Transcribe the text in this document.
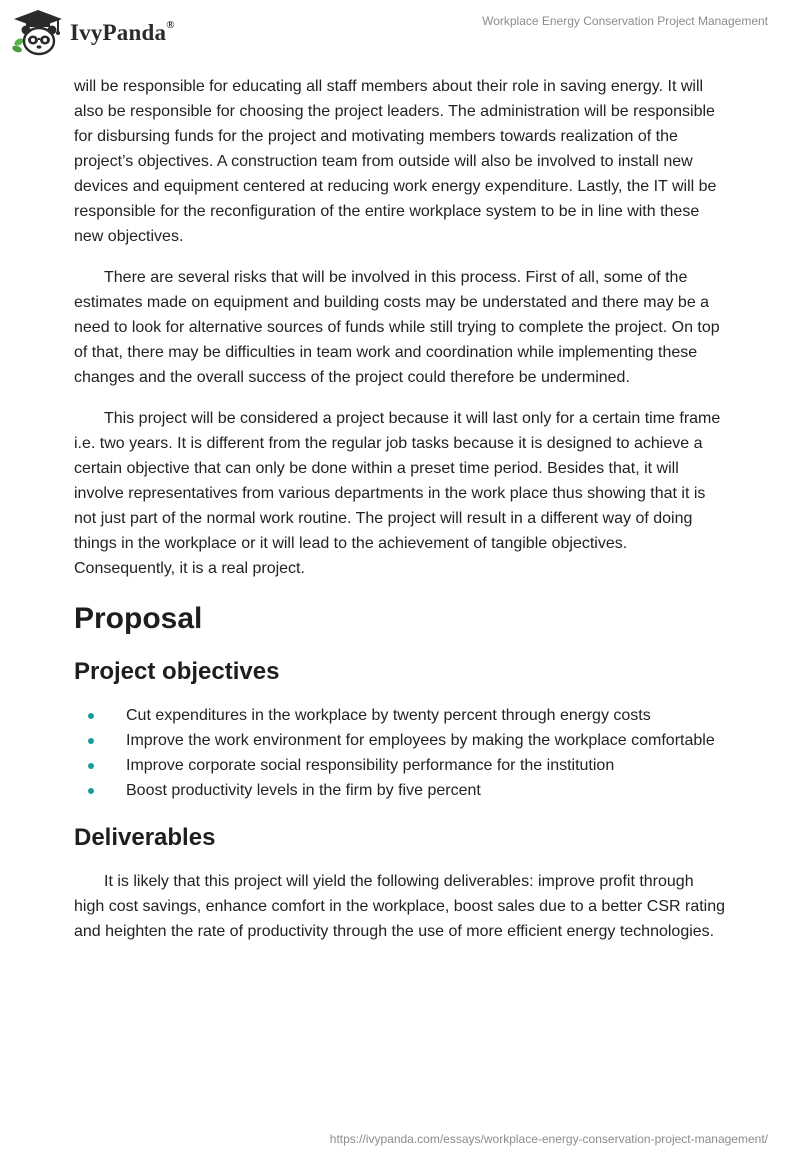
IvyPanda®	Workplace Energy Conservation Project Management

will be responsible for educating all staff members about their role in saving energy. It will also be responsible for choosing the project leaders. The administration will be responsible for disbursing funds for the project and motivating members towards realization of the project’s objectives. A construction team from outside will also be involved to install new devices and equipment centered at reducing work energy expenditure. Lastly, the IT will be responsible for the reconfiguration of the entire workplace system to be in line with these new objectives.

There are several risks that will be involved in this process. First of all, some of the estimates made on equipment and building costs may be understated and there may be a need to look for alternative sources of funds while still trying to complete the project. On top of that, there may be difficulties in team work and coordination while implementing these changes and the overall success of the project could therefore be undermined.

This project will be considered a project because it will last only for a certain time frame i.e. two years. It is different from the regular job tasks because it is designed to achieve a certain objective that can only be done within a preset time period. Besides that, it will involve representatives from various departments in the work place thus showing that it is not just part of the normal work routine. The project will result in a different way of doing things in the workplace or it will lead to the achievement of tangible objectives. Consequently, it is a real project.

Proposal
Project objectives
Cut expenditures in the workplace by twenty percent through energy costs
Improve the work environment for employees by making the workplace comfortable
Improve corporate social responsibility performance for the institution
Boost productivity levels in the firm by five percent
Deliverables

It is likely that this project will yield the following deliverables: improve profit through high cost savings, enhance comfort in the workplace, boost sales due to a better CSR rating and heighten the rate of productivity through the use of more efficient energy technologies.

https://ivypanda.com/essays/workplace-energy-conservation-project-management/
